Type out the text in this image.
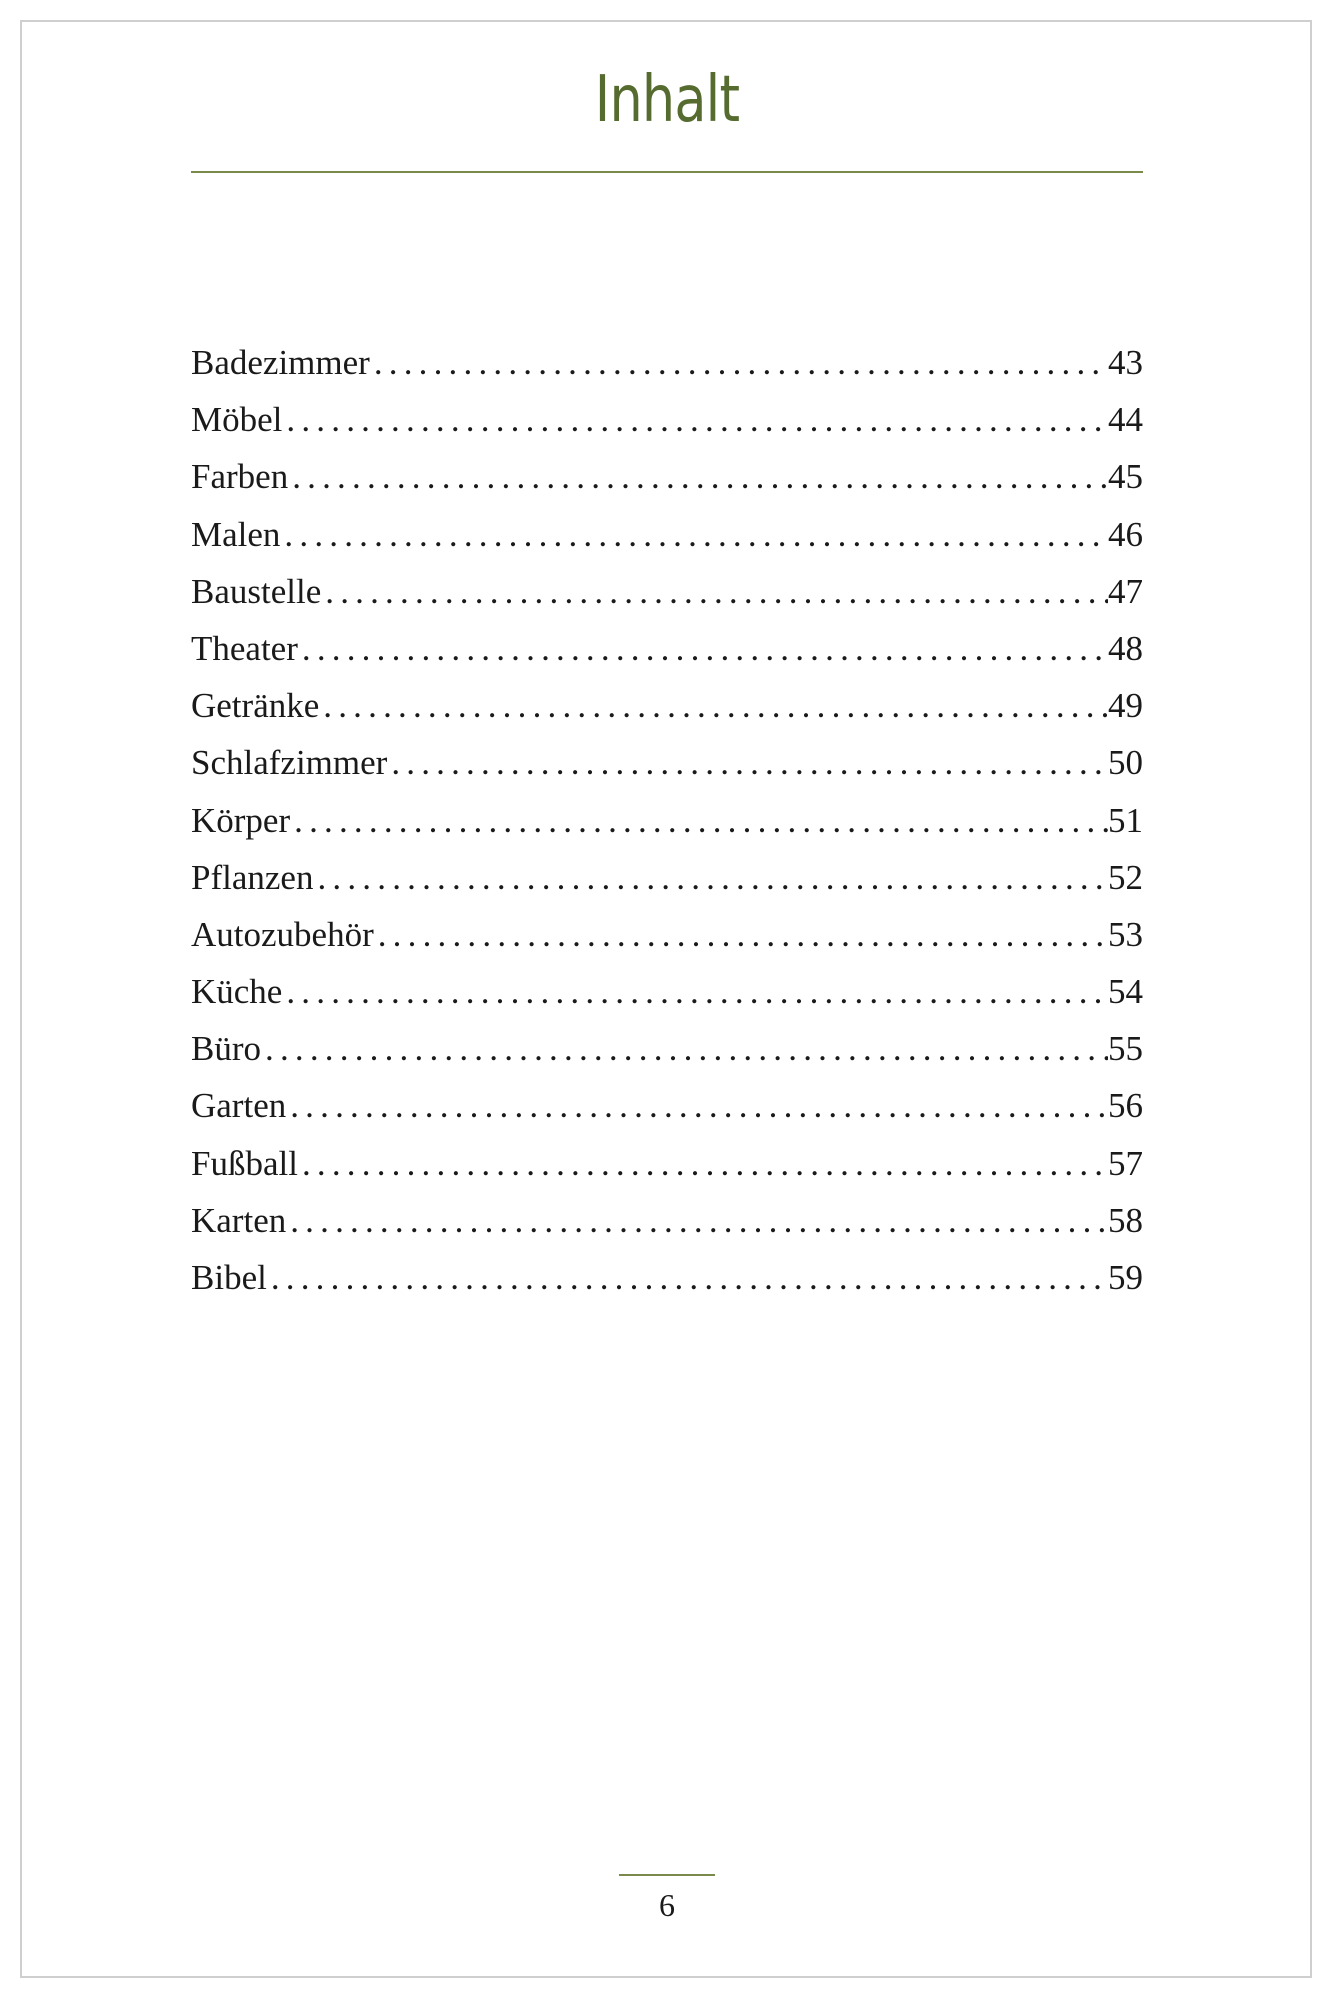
Inhalt
Badezimmer .....	43
Möbel .....	44
Farben .....	45
Malen .....	46
Baustelle .....	47
Theater .....	48
Getränke .....	49
Schlafzimmer .....	50
Körper .....	51
Pflanzen .....	52
Autozubehör .....	53
Küche .....	54
Büro .....	55
Garten .....	56
Fußball .....	57
Karten .....	58
Bibel .....	59
6
